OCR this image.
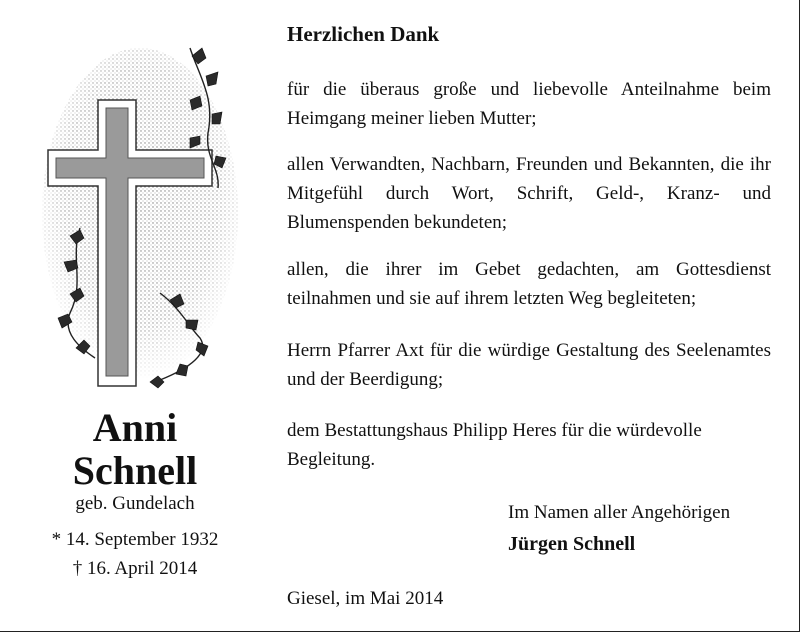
Anni
Schnell
geb. Gundelach
* 14. September 1932
† 16. April 2014
Herzlichen Dank
für die überaus große und liebevolle Anteilnahme beim Heimgang meiner lieben Mutter;
allen Verwandten, Nachbarn, Freunden und Bekannten, die ihr Mitgefühl durch Wort, Schrift, Geld-, Kranz- und Blumenspenden bekundeten;
allen, die ihrer im Gebet gedachten, am Gottesdienst teilnahmen und sie auf ihrem letzten Weg begleiteten;
Herrn Pfarrer Axt für die würdige Gestaltung des Seelenamtes und der Beerdigung;
dem Bestattungshaus Philipp Heres für die würdevolle Begleitung.
Im Namen aller Angehörigen
Jürgen Schnell
Giesel, im Mai 2014
